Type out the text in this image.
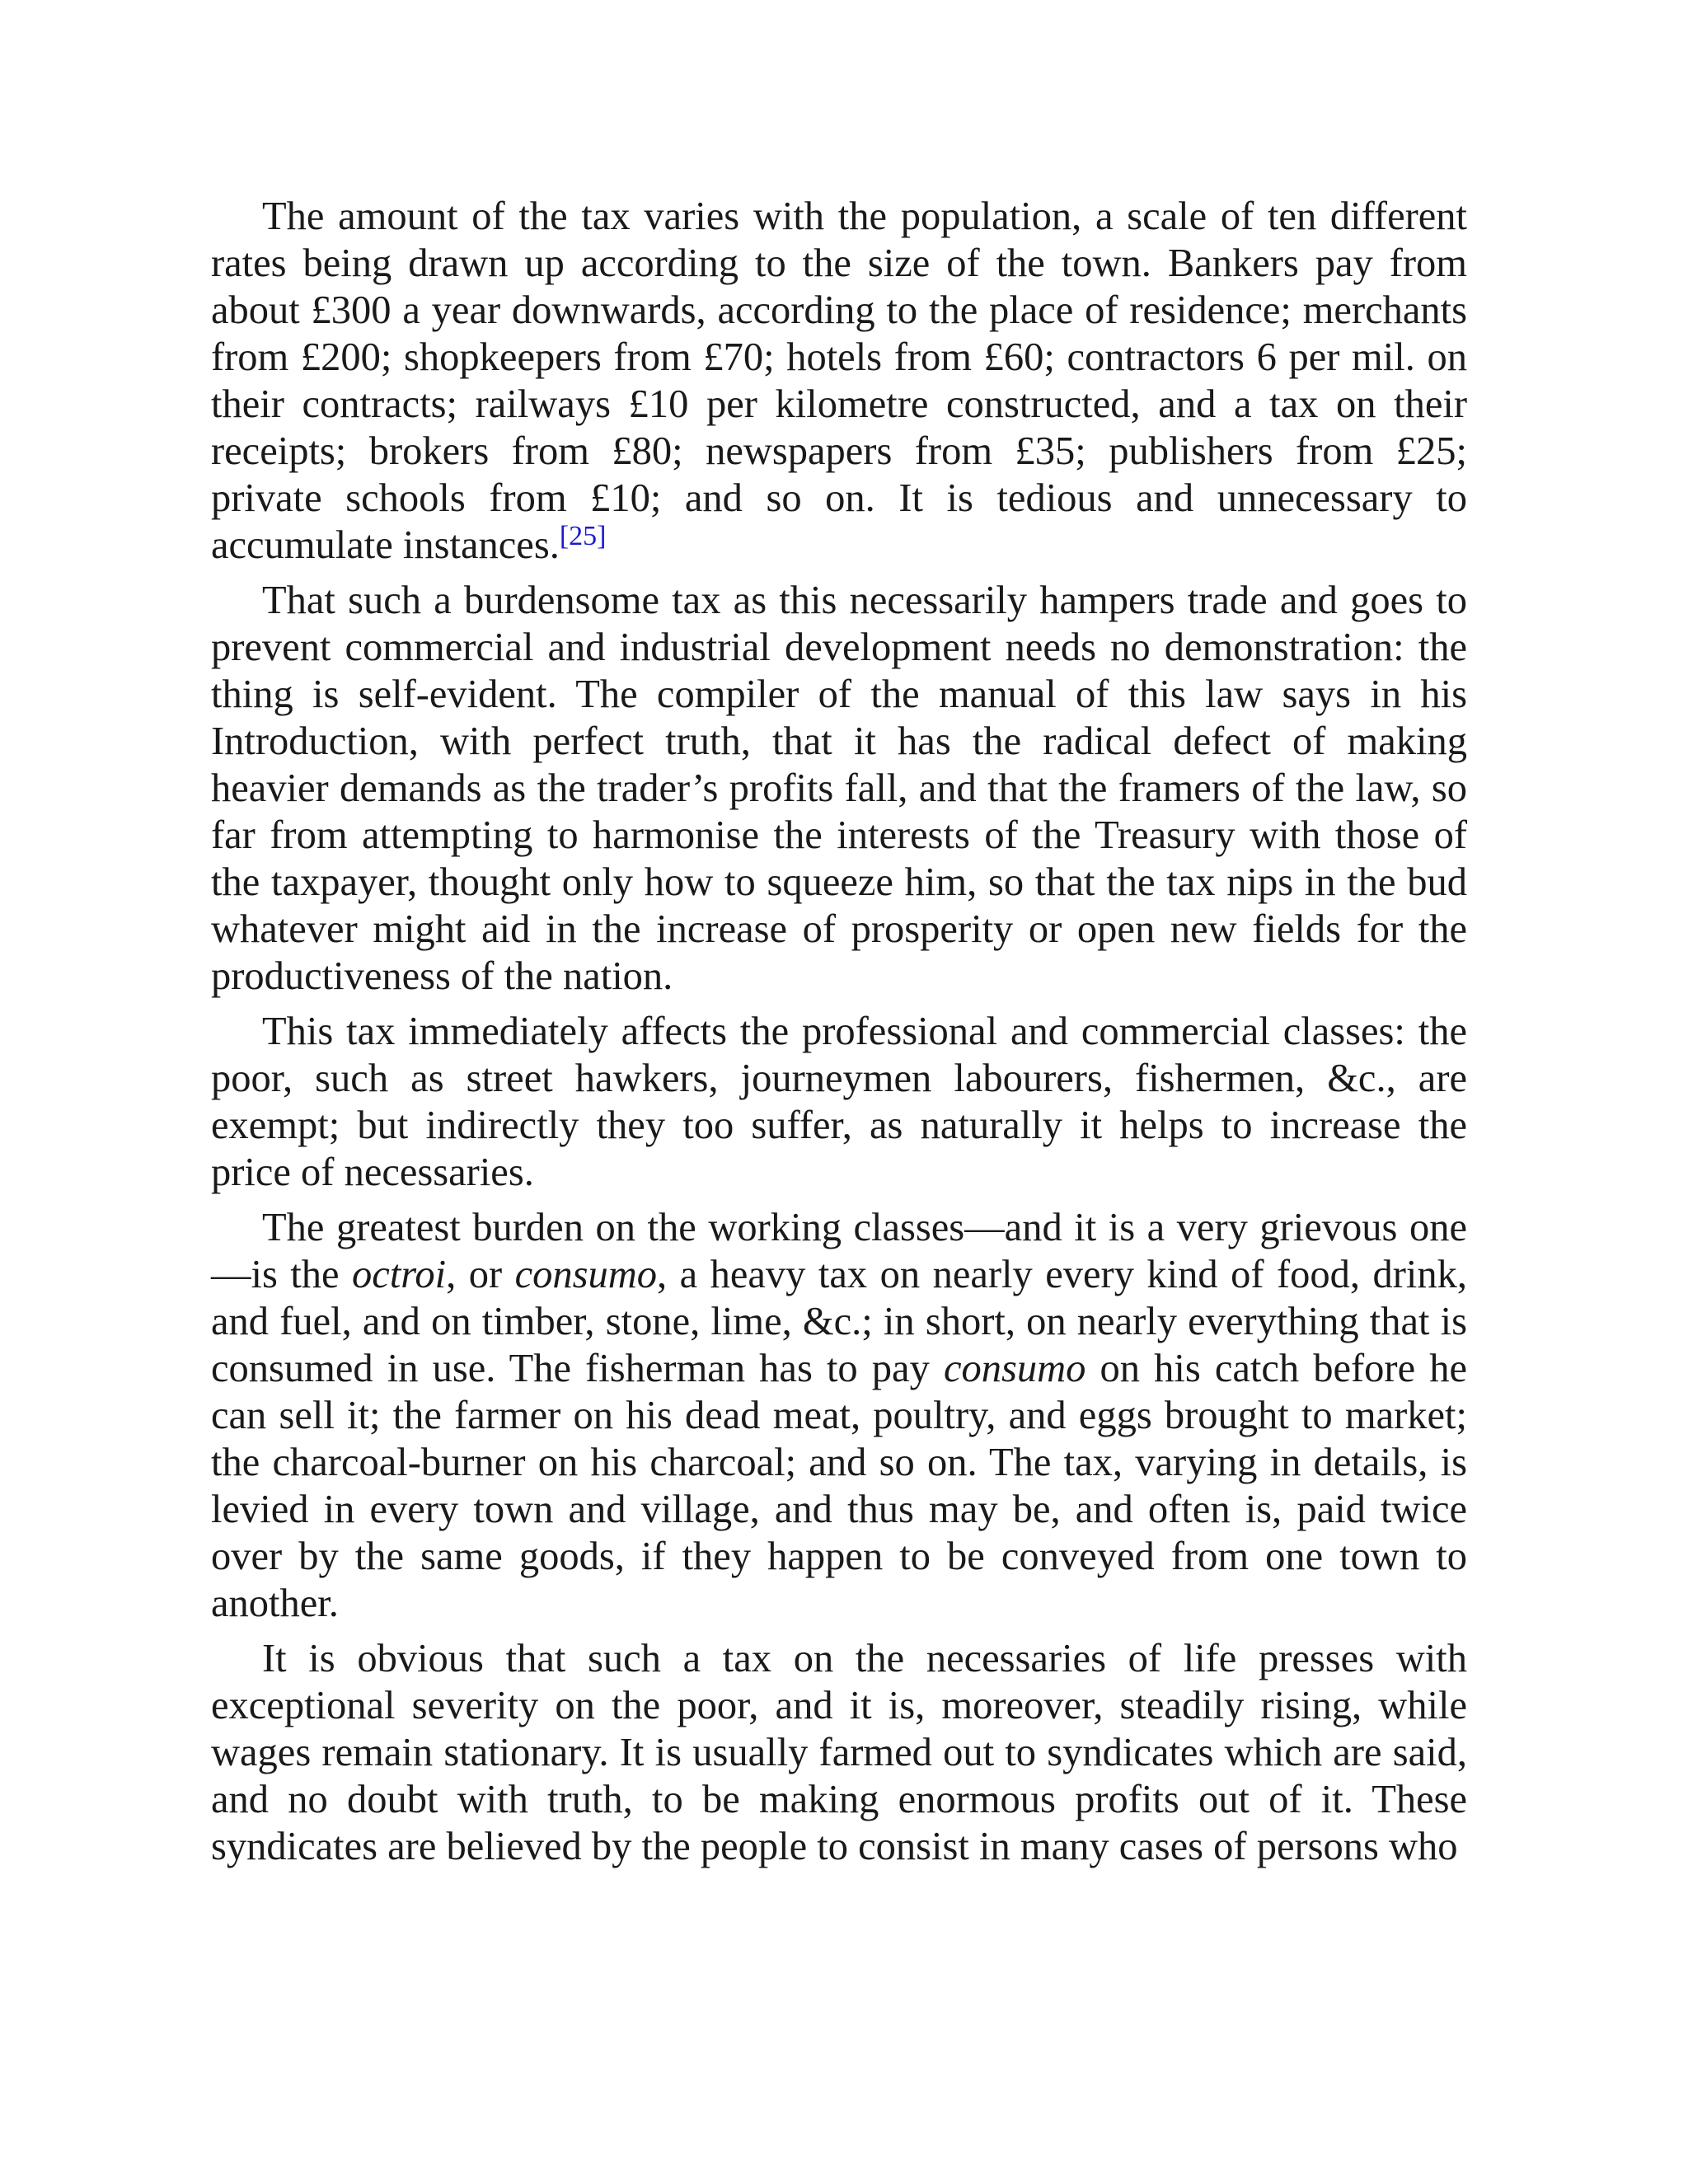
The amount of the tax varies with the population, a scale of ten different rates being drawn up according to the size of the town. Bankers pay from about £300 a year downwards, according to the place of residence; merchants from £200; shopkeepers from £70; hotels from £60; contractors 6 per mil. on their contracts; railways £10 per kilometre constructed, and a tax on their receipts; brokers from £80; newspapers from £35; publishers from £25; private schools from £10; and so on. It is tedious and unnecessary to accumulate instances.[25]

That such a burdensome tax as this necessarily hampers trade and goes to prevent commercial and industrial development needs no demonstration: the thing is self-evident. The compiler of the manual of this law says in his Introduction, with perfect truth, that it has the radical defect of making heavier demands as the trader’s profits fall, and that the framers of the law, so far from attempting to harmonise the interests of the Treasury with those of the taxpayer, thought only how to squeeze him, so that the tax nips in the bud whatever might aid in the increase of prosperity or open new fields for the productiveness of the nation.

This tax immediately affects the professional and commercial classes: the poor, such as street hawkers, journeymen labourers, fishermen, &c., are exempt; but indirectly they too suffer, as naturally it helps to increase the price of necessaries.

The greatest burden on the working classes—and it is a very grievous one—is the octroi, or consumo, a heavy tax on nearly every kind of food, drink, and fuel, and on timber, stone, lime, &c.; in short, on nearly everything that is consumed in use. The fisherman has to pay consumo on his catch before he can sell it; the farmer on his dead meat, poultry, and eggs brought to market; the charcoal-burner on his charcoal; and so on. The tax, varying in details, is levied in every town and village, and thus may be, and often is, paid twice over by the same goods, if they happen to be conveyed from one town to another.

It is obvious that such a tax on the necessaries of life presses with exceptional severity on the poor, and it is, moreover, steadily rising, while wages remain stationary. It is usually farmed out to syndicates which are said, and no doubt with truth, to be making enormous profits out of it. These syndicates are believed by the people to consist in many cases of persons who
